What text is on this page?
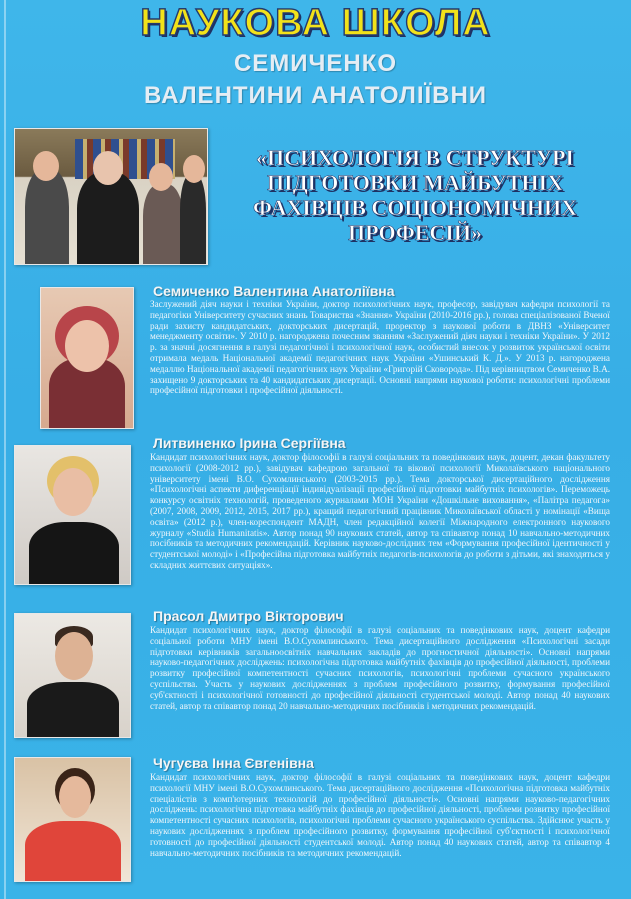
НАУКОВА ШКОЛА
СЕМИЧЕНКО
ВАЛЕНТИНИ АНАТОЛІЇВНИ
«ПСИХОЛОГІЯ В СТРУКТУРІ ПІДГОТОВКИ МАЙБУТНІХ ФАХІВЦІВ СОЦІОНОМІЧНИХ ПРОФЕСІЙ»
Семиченко Валентина Анатоліївна

Заслужений діяч науки і техніки України, доктор психологічних наук, професор, завідувач кафедри психології та педагогіки Університету сучасних знань Товариства «Знання» України (2010-2016 рр.), голова спеціалізованої Вченої ради захисту кандидатських, докторських дисертацій, проректор з наукової роботи в ДВНЗ «Університет менеджменту освіти». У 2010 р. нагороджена почесним званням «Заслужений діяч науки і техніки України». У 2012 р. за значні досягнення в галузі педагогічної і психологічної наук, особистий внесок у розвиток української освіти отримала медаль Національної академії педагогічних наук України «Ушинський К. Д.». У 2013 р. нагороджена медаллю Національної академії педагогічних наук України «Григорій Сковорода». Під керівництвом Семиченко В.А. захищено 9 докторських та 40 кандидатських дисертації. Основні напрями наукової роботи: психологічні проблеми професійної підготовки і професійної діяльності.

Литвиненко Ірина Сергіївна

Кандидат психологічних наук, доктор філософії в галузі соціальних та поведінкових наук, доцент, декан факультету психології (2008-2012 рр.), завідувач кафедрою загальної та вікової психології Миколаївського національного університету імені В.О. Сухомлинського (2003-2015 рр.). Тема докторської дисертаційного дослідження «Психологічні аспекти диференціації індивідуалізації професійної підготовки майбутніх психологів». Переможець конкурсу освітніх технологій, проведеного журналами МОН України «Дошкільне виховання», «Палітра педагога» (2007, 2008, 2009, 2012, 2015, 2017 рр.), кращий педагогічний працівник Миколаївської області у номінації «Вища освіта» (2012 р.), член-кореспондент МАДН, член редакційної колегії Міжнародного електронного наукового журналу «Studia Humanitatis». Автор понад 90 наукових статей, автор та співавтор понад 10 навчально-методичних посібників та методичних рекомендацій. Керівник науково-дослідних тем «Формування професійної ідентичності у студентської молоді» і «Професійна підготовка майбутніх педагогів-психологів до роботи з дітьми, які знаходяться у складних життєвих ситуаціях».

Прасол Дмитро Вікторович

Кандидат психологічних наук, доктор філософії в галузі соціальних та поведінкових наук, доцент кафедри соціальної роботи МНУ імені В.О.Сухомлинського. Тема дисертаційного дослідження «Психологічні засади підготовки керівників загальноосвітніх навчальних закладів до прогностичної діяльності». Основні напрями науково-педагогічних досліджень: психологічна підготовка майбутніх фахівців до професійної діяльності, проблеми розвитку професійної компетентності сучасних психологів, психологічні проблеми сучасного українського суспільства. Участь у наукових дослідженнях з проблем професійного розвитку, формування професійної суб'єктності і психологічної готовності до професійної діяльності студентської молоді. Автор понад 40 наукових статей, автор та співавтор понад 20 навчально-методичних посібників і методичних рекомендацій.

Чугуєва Інна Євгенівна

Кандидат психологічних наук, доктор філософії в галузі соціальних та поведінкових наук, доцент кафедри психології МНУ імені В.О.Сухомлинського. Тема дисертаційного дослідження «Психологічна підготовка майбутніх спеціалістів з комп'ютерних технологій до професійної діяльності». Основні напрями науково-педагогічних досліджень: психологічна підготовка майбутніх фахівців до професійної діяльності, проблеми розвитку професійної компетентності сучасних психологів, психологічні проблеми сучасного українського суспільства. Здійснює участь у наукових дослідженнях з проблем професійного розвитку, формування професійної суб'єктності і психологічної готовності до професійної діяльності студентської молоді. Автор понад 40 наукових статей, автор та співавтор 4 навчально-методичних посібників та методичних рекомендацій.
